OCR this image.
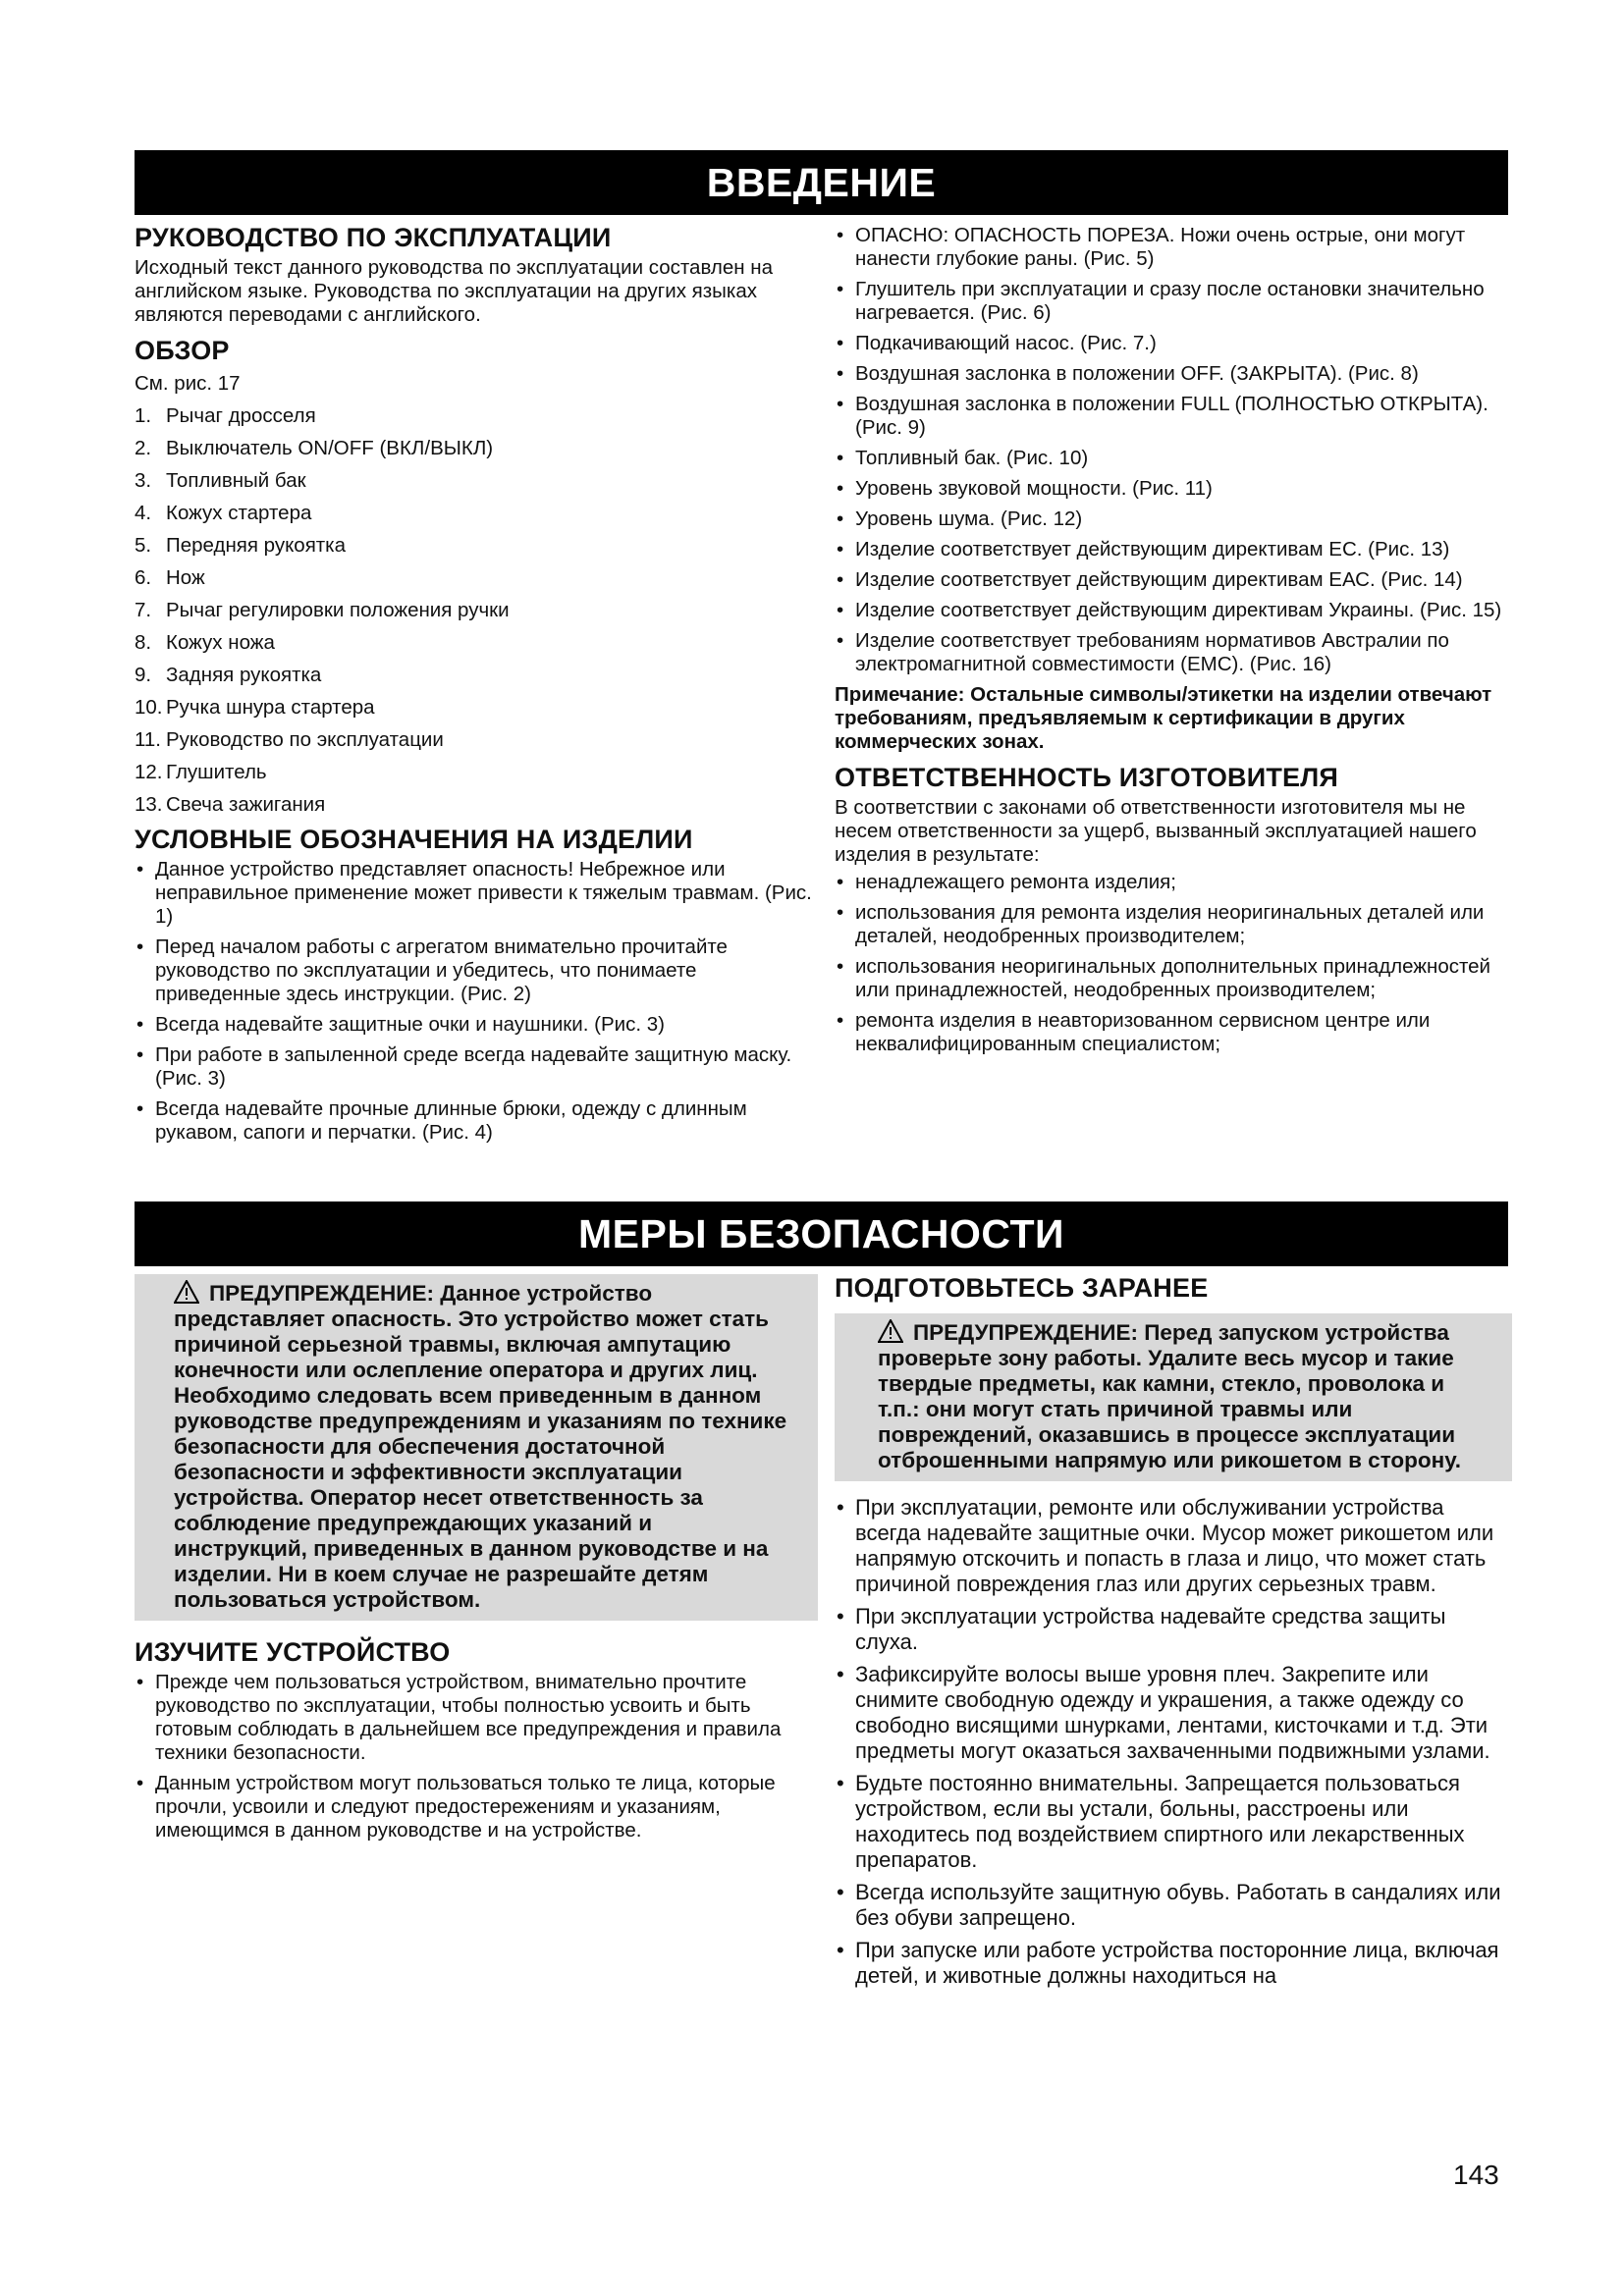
ВВЕДЕНИЕ
РУКОВОДСТВО ПО ЭКСПЛУАТАЦИИ
Исходный текст данного руководства по эксплуатации составлен на английском языке. Руководства по эксплуатации на других языках являются переводами с английского.
ОБЗОР
См. рис. 17
1. Рычаг дросселя
2. Выключатель ON/OFF (ВКЛ/ВЫКЛ)
3. Топливный бак
4. Кожух стартера
5. Передняя рукоятка
6. Нож
7. Рычаг регулировки положения ручки
8. Кожух ножа
9. Задняя рукоятка
10. Ручка шнура стартера
11. Руководство по эксплуатации
12. Глушитель
13. Свеча зажигания
УСЛОВНЫЕ ОБОЗНАЧЕНИЯ НА ИЗДЕЛИИ
• Данное устройство представляет опасность! Небрежное или неправильное применение может привести к тяжелым травмам. (Рис. 1)
• Перед началом работы с агрегатом внимательно прочитайте руководство по эксплуатации и убедитесь, что понимаете приведенные здесь инструкции. (Рис. 2)
• Всегда надевайте защитные очки и наушники. (Рис. 3)
• При работе в запыленной среде всегда надевайте защитную маску. (Рис. 3)
• Всегда надевайте прочные длинные брюки, одежду с длинным рукавом, сапоги и перчатки. (Рис. 4)
• ОПАСНО: ОПАСНОСТЬ ПОРЕЗА. Ножи очень острые, они могут нанести глубокие раны. (Рис. 5)
• Глушитель при эксплуатации и сразу после остановки значительно нагревается. (Рис. 6)
• Подкачивающий насос. (Рис. 7.)
• Воздушная заслонка в положении OFF. (ЗАКРЫТА). (Рис. 8)
• Воздушная заслонка в положении FULL (ПОЛНОСТЬЮ ОТКРЫТА). (Рис. 9)
• Топливный бак. (Рис. 10)
• Уровень звуковой мощности. (Рис. 11)
• Уровень шума. (Рис. 12)
• Изделие соответствует действующим директивам ЕС. (Рис. 13)
• Изделие соответствует действующим директивам ЕАС. (Рис. 14)
• Изделие соответствует действующим директивам Украины. (Рис. 15)
• Изделие соответствует требованиям нормативов Австралии по электромагнитной совместимости (EMC). (Рис. 16)
Примечание: Остальные символы/этикетки на изделии отвечают требованиям, предъявляемым к сертификации в других коммерческих зонах.
ОТВЕТСТВЕННОСТЬ ИЗГОТОВИТЕЛЯ
В соответствии с законами об ответственности изготовителя мы не несем ответственности за ущерб, вызванный эксплуатацией нашего изделия в результате:
• ненадлежащего ремонта изделия;
• использования для ремонта изделия неоригинальных деталей или деталей, неодобренных производителем;
• использования неоригинальных дополнительных принадлежностей или принадлежностей, неодобренных производителем;
• ремонта изделия в неавторизованном сервисном центре или неквалифицированным специалистом;
МЕРЫ БЕЗОПАСНОСТИ
ПРЕДУПРЕЖДЕНИЕ: Данное устройство представляет опасность. Это устройство может стать причиной серьезной травмы, включая ампутацию конечности или ослепление оператора и других лиц. Необходимо следовать всем приведенным в данном руководстве предупреждениям и указаниям по технике безопасности для обеспечения достаточной безопасности и эффективности эксплуатации устройства. Оператор несет ответственность за соблюдение предупреждающих указаний и инструкций, приведенных в данном руководстве и на изделии. Ни в коем случае не разрешайте детям пользоваться устройством.
ИЗУЧИТЕ УСТРОЙСТВО
• Прежде чем пользоваться устройством, внимательно прочтите руководство по эксплуатации, чтобы полностью усвоить и быть готовым соблюдать в дальнейшем все предупреждения и правила техники безопасности.
• Данным устройством могут пользоваться только те лица, которые прочли, усвоили и следуют предостережениям и указаниям, имеющимся в данном руководстве и на устройстве.
ПОДГОТОВЬТЕСЬ ЗАРАНЕЕ
ПРЕДУПРЕЖДЕНИЕ: Перед запуском устройства проверьте зону работы. Удалите весь мусор и такие твердые предметы, как камни, стекло, проволока и т.п.: они могут стать причиной травмы или повреждений, оказавшись в процессе эксплуатации отброшенными напрямую или рикошетом в сторону.
• При эксплуатации, ремонте или обслуживании устройства всегда надевайте защитные очки. Мусор может рикошетом или напрямую отскочить и попасть в глаза и лицо, что может стать причиной повреждения глаз или других серьезных травм.
• При эксплуатации устройства надевайте средства защиты слуха.
• Зафиксируйте волосы выше уровня плеч. Закрепите или снимите свободную одежду и украшения, а также одежду со свободно висящими шнурками, лентами, кисточками и т.д. Эти предметы могут оказаться захваченными подвижными узлами.
• Будьте постоянно внимательны. Запрещается пользоваться устройством, если вы устали, больны, расстроены или находитесь под воздействием спиртного или лекарственных препаратов.
• Всегда используйте защитную обувь. Работать в сандалиях или без обуви запрещено.
• При запуске или работе устройства посторонние лица, включая детей, и животные должны находиться на
143
